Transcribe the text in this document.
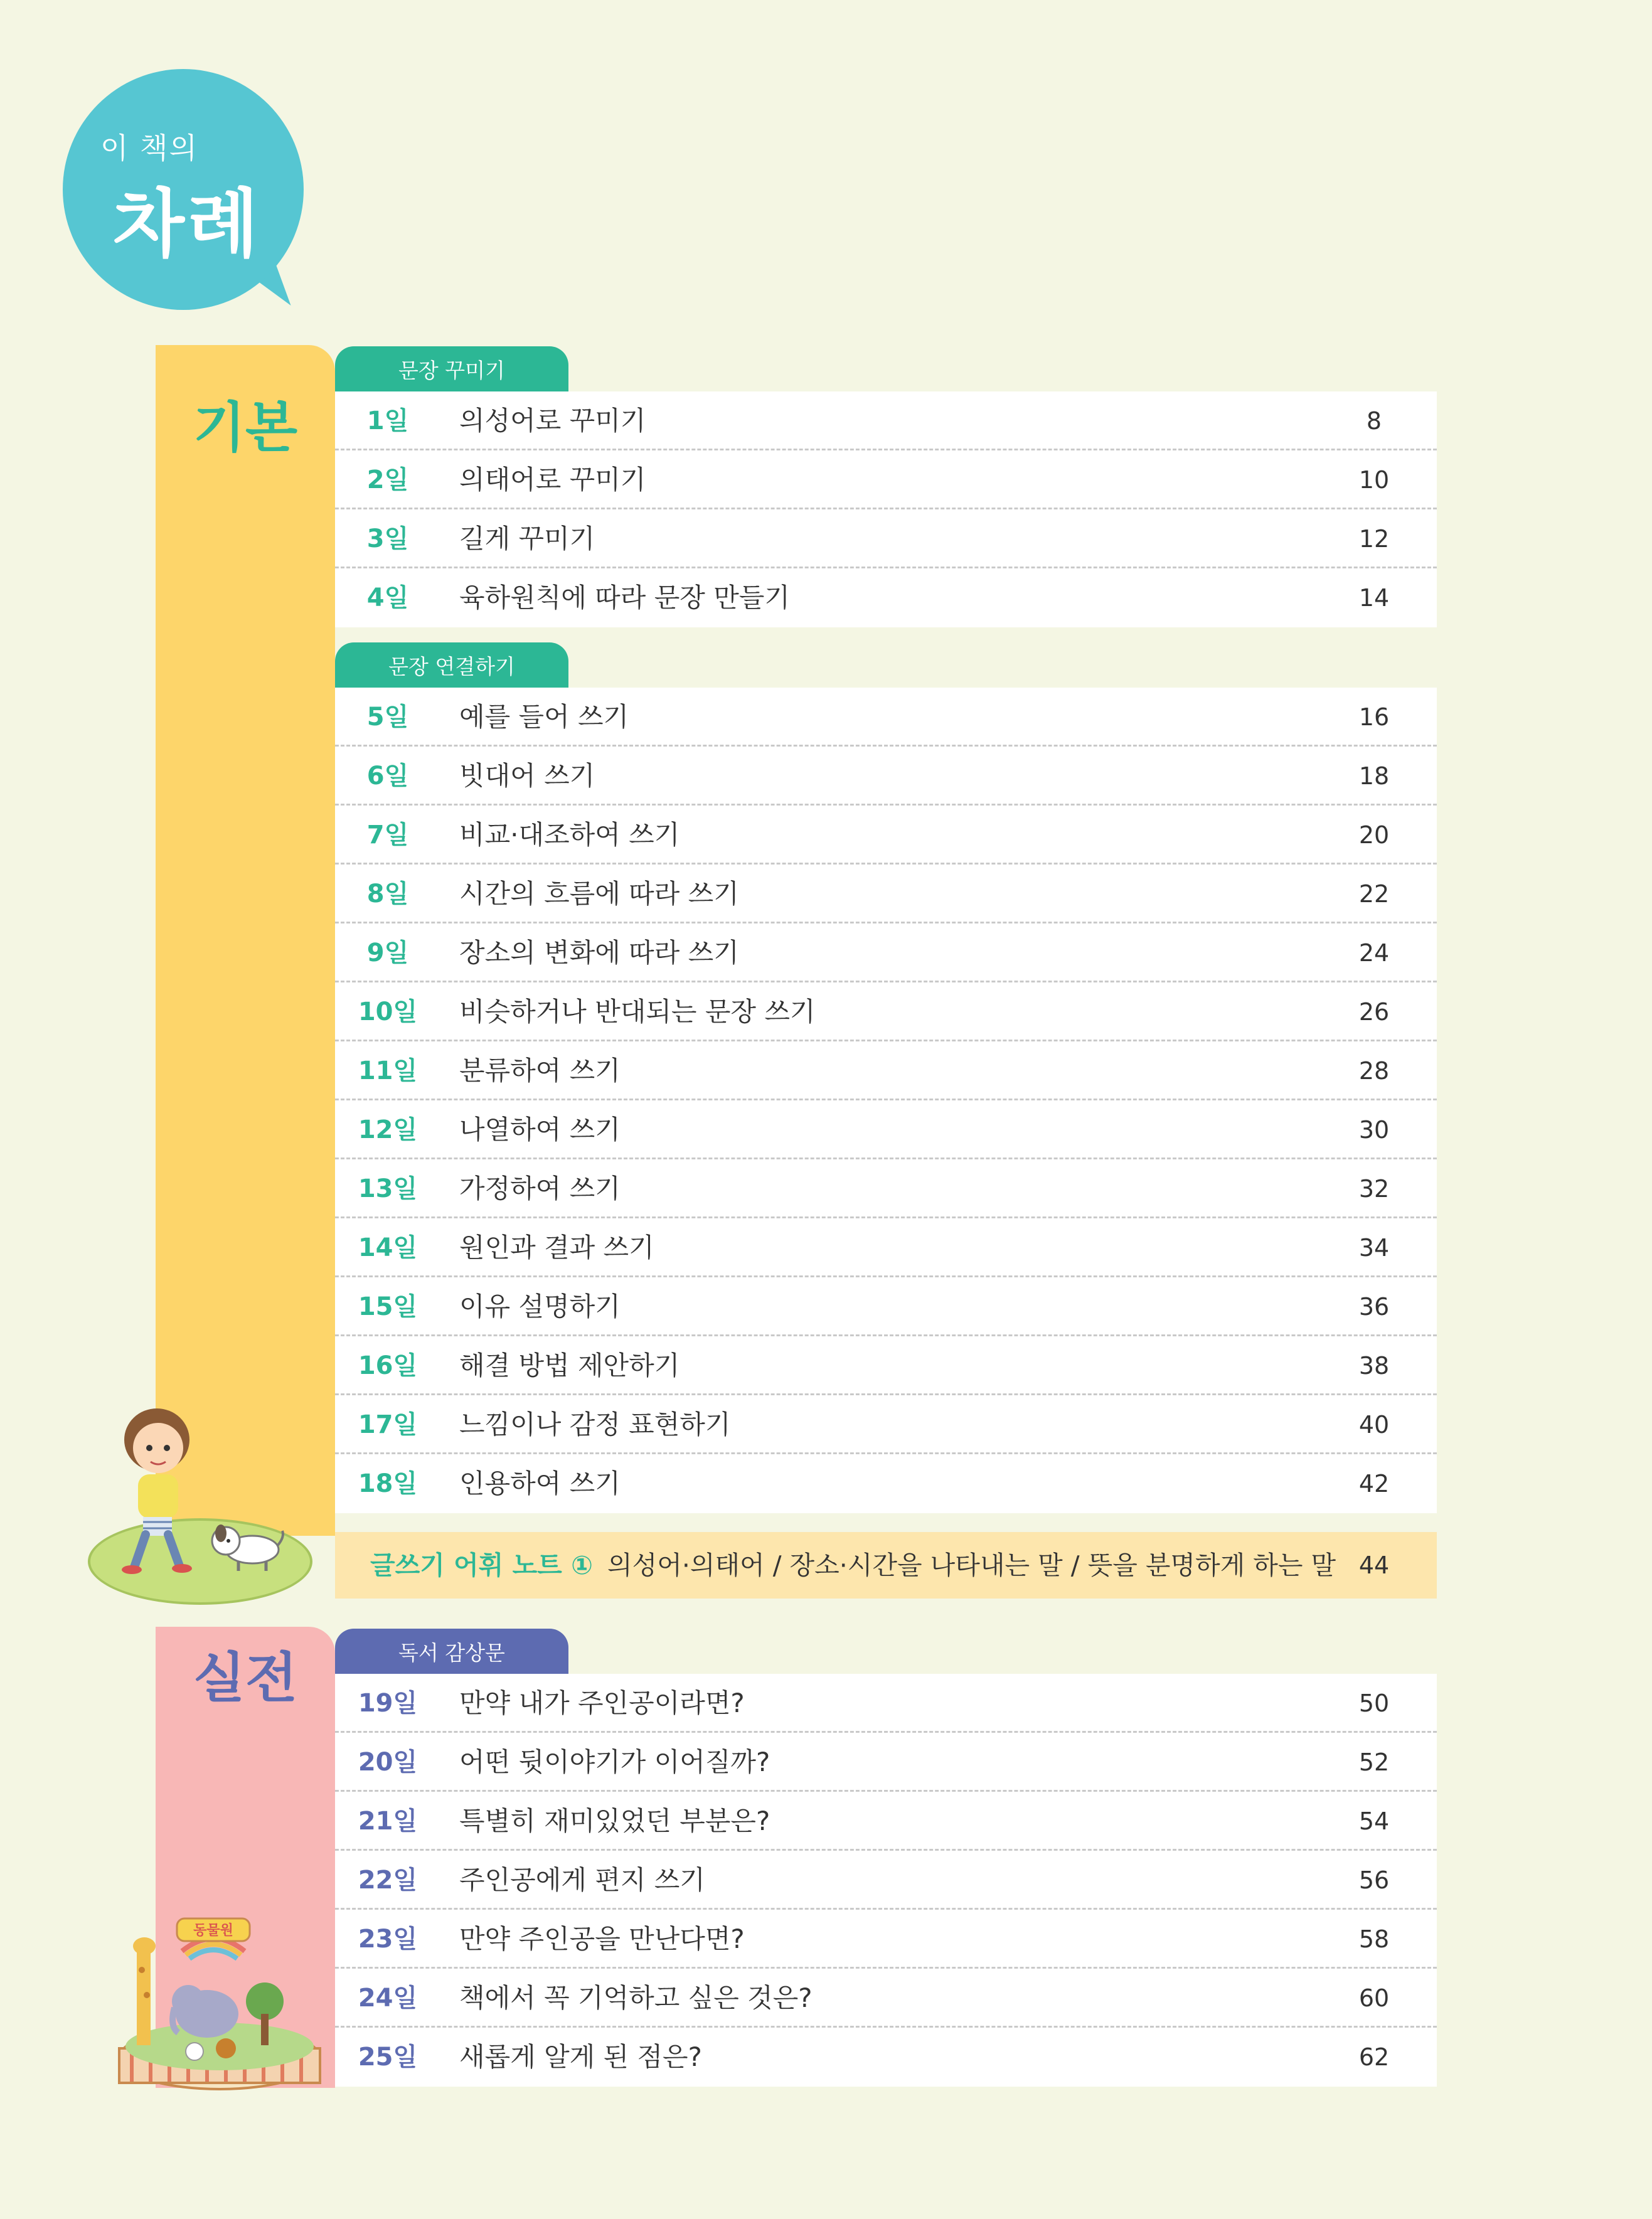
이 책의
차례
기본
실전
문장 꾸미기
문장 연결하기
독서 감상문
1일	의성어로 꾸미기	8
2일	의태어로 꾸미기	10
3일	길게 꾸미기	12
4일	육하원칙에 따라 문장 만들기	14
5일	예를 들어 쓰기	16
6일	빗대어 쓰기	18
7일	비교·대조하여 쓰기	20
8일	시간의 흐름에 따라 쓰기	22
9일	장소의 변화에 따라 쓰기	24
10일	비슷하거나 반대되는 문장 쓰기	26
11일	분류하여 쓰기	28
12일	나열하여 쓰기	30
13일	가정하여 쓰기	32
14일	원인과 결과 쓰기	34
15일	이유 설명하기	36
16일	해결 방법 제안하기	38
17일	느낌이나 감정 표현하기	40
18일	인용하여 쓰기	42
19일	만약 내가 주인공이라면?	50
20일	어떤 뒷이야기가 이어질까?	52
21일	특별히 재미있었던 부분은?	54
22일	주인공에게 편지 쓰기	56
23일	만약 주인공을 만난다면?	58
24일	책에서 꼭 기억하고 싶은 것은?	60
25일	새롭게 알게 된 점은?	62
글쓰기 어휘 노트 ① 의성어·의태어 / 장소·시간을 나타내는 말 / 뜻을 분명하게 하는 말 44
동물원
